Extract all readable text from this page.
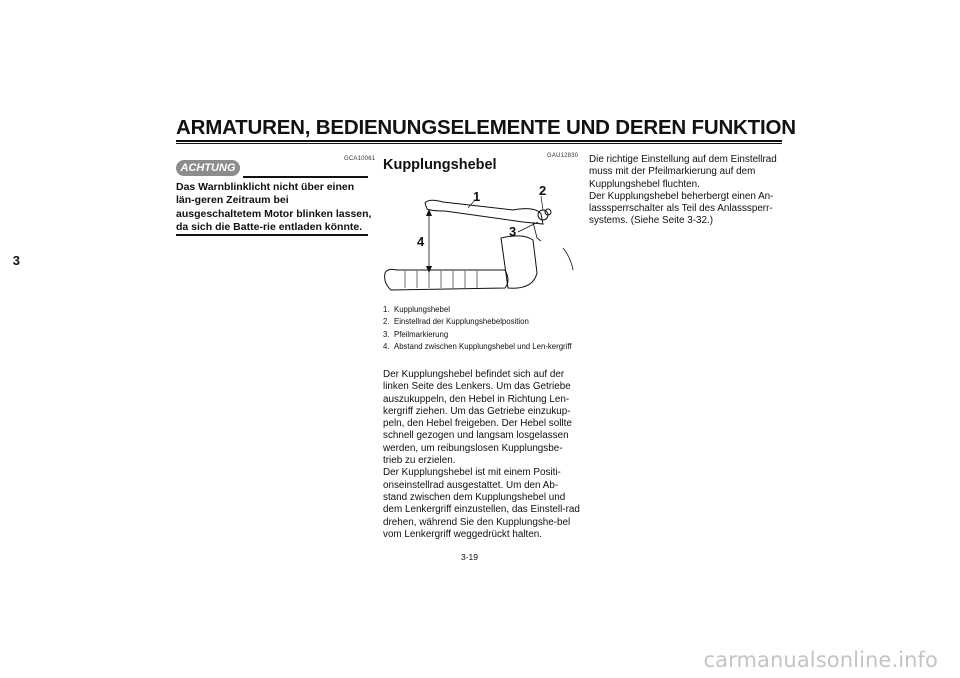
ARMATUREN, BEDIENUNGSELEMENTE UND DEREN FUNKTION
3
GCA10061
ACHTUNG

Das Warnblinklicht nicht über einen län-geren Zeitraum bei ausgeschaltetem Motor blinken lassen, da sich die Batte-rie entladen könnte.

GAU12830
Kupplungshebel
1	2
3
4
1. Kupplungshebel
2. Einstellrad der Kupplungshebelposition
3. Pfeilmarkierung
4. Abstand zwischen Kupplungshebel und Len-kergriff

Der Kupplungshebel befindet sich auf der linken Seite des Lenkers. Um das Getriebe auszukuppeln, den Hebel in Richtung Len-kergriff ziehen. Um das Getriebe einzukup-peln, den Hebel freigeben. Der Hebel sollte schnell gezogen und langsam losgelassen werden, um reibungslosen Kupplungsbe-trieb zu erzielen.
Der Kupplungshebel ist mit einem Positi-onseinstellrad ausgestattet. Um den Ab-stand zwischen dem Kupplungshebel und dem Lenkergriff einzustellen, das Einstell-rad drehen, während Sie den Kupplungshe-bel vom Lenkergriff weggedrückt halten.

Die richtige Einstellung auf dem Einstellrad muss mit der Pfeilmarkierung auf dem Kupplungshebel fluchten.
Der Kupplungshebel beherbergt einen An-lasssperrschalter als Teil des Anlasssperr-systems. (Siehe Seite 3-32.)

3-19
carmanualsonline.info
